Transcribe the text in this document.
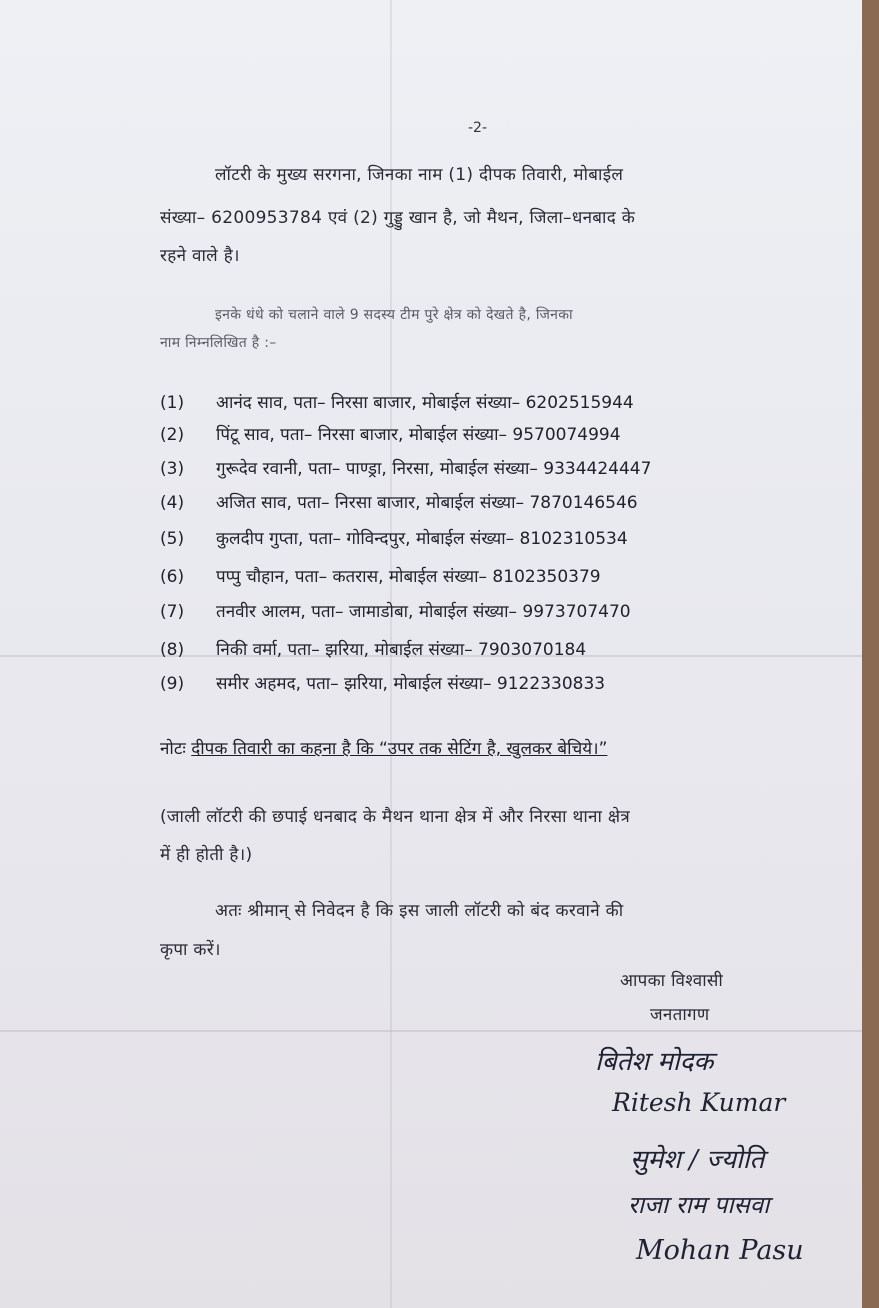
-2-
लॉटरी के मुख्य सरगना, जिनका नाम (1) दीपक तिवारी, मोबाईल
संख्या– 6200953784 एवं (2) गुड्डु खान है, जो मैथन, जिला–धनबाद के
रहने वाले है।
इनके धंधे को चलाने वाले 9 सदस्य टीम पुरे क्षेत्र को देखते है, जिनका
नाम निम्नलिखित है :–
(1) आनंद साव, पता– निरसा बाजार, मोबाईल संख्या– 6202515944
(2) पिंटू साव, पता– निरसा बाजार, मोबाईल संख्या– 9570074994
(3) गुरूदेव रवानी, पता– पाण्ड्रा, निरसा, मोबाईल संख्या– 9334424447
(4) अजित साव, पता– निरसा बाजार, मोबाईल संख्या– 7870146546
(5) कुलदीप गुप्ता, पता– गोविन्दपुर, मोबाईल संख्या– 8102310534
(6) पप्पु चौहान, पता– कतरास, मोबाईल संख्या– 8102350379
(7) तनवीर आलम, पता– जामाडोबा, मोबाईल संख्या– 9973707470
(8) निकी वर्मा, पता– झरिया, मोबाईल संख्या– 7903070184
(9) समीर अहमद, पता– झरिया, मोबाईल संख्या– 9122330833
नोटः दीपक तिवारी का कहना है कि “उपर तक सेटिंग है, खुलकर बेचिये।”
(जाली लॉटरी की छपाई धनबाद के मैथन थाना क्षेत्र में और निरसा थाना क्षेत्र
में ही होती है।)
अतः श्रीमान् से निवेदन है कि इस जाली लॉटरी को बंद करवाने की
कृपा करें।
आपका विश्वासी
जनतागण
बितेश मोदक
Ritesh Kumar
सुमेश / ज्योति
राजा राम पासवा
Mohan Pasu
